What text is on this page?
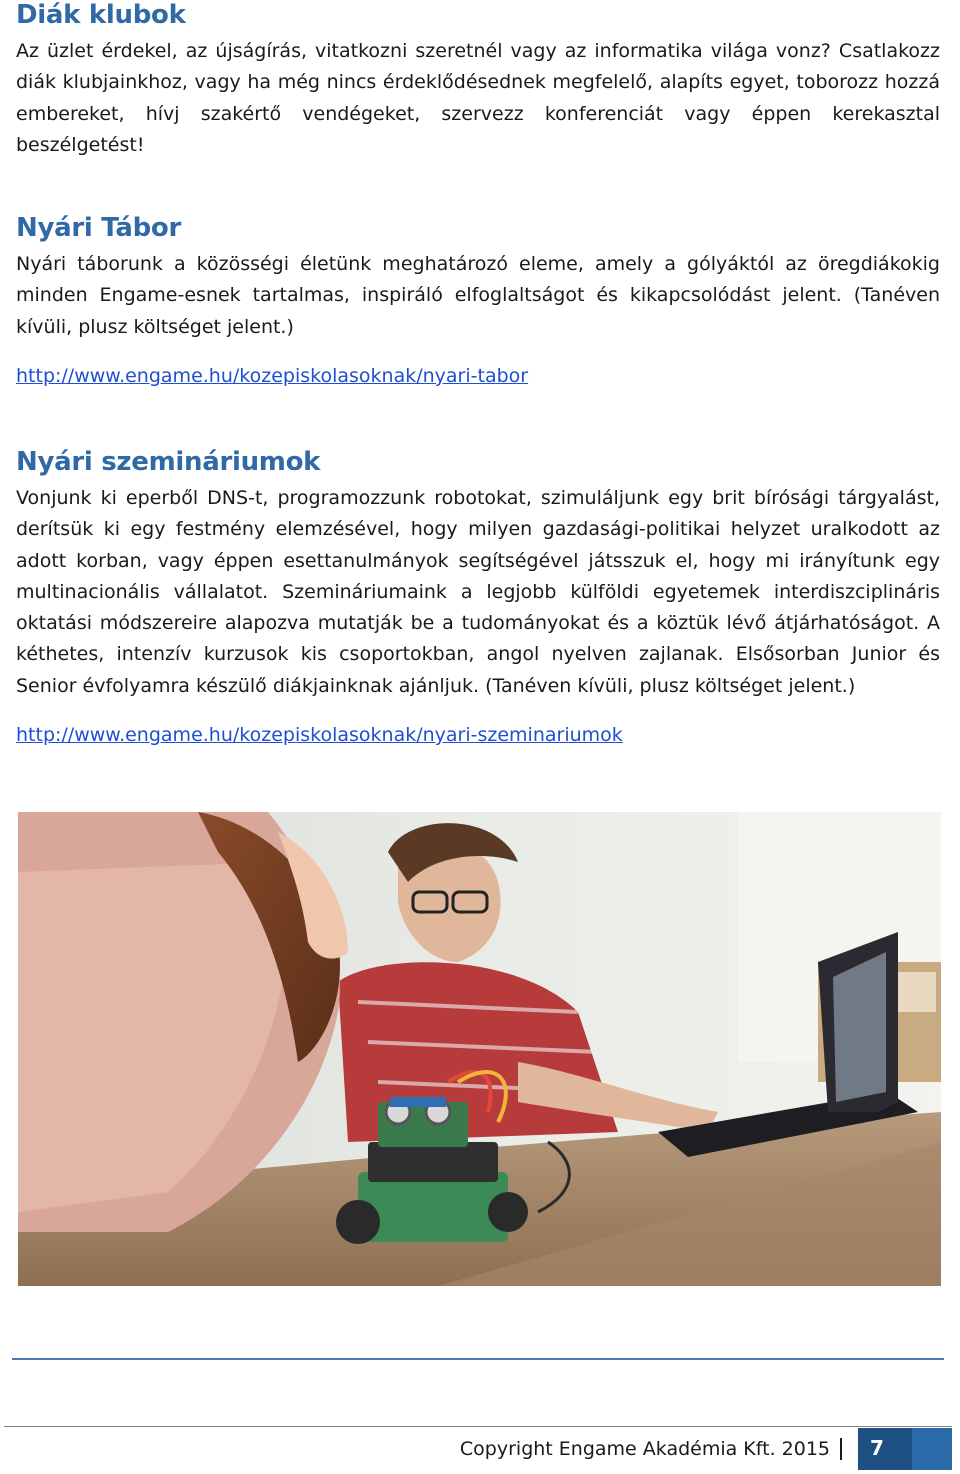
Diák klubok

Az üzlet érdekel, az újságírás, vitatkozni szeretnél vagy az informatika világa vonz? Csatlakozz diák klubjainkhoz, vagy ha még nincs érdeklődésednek megfelelő, alapíts egyet, toborozz hozzá embereket, hívj szakértő vendégeket, szervezz konferenciát vagy éppen kerekasztal beszélgetést!

Nyári Tábor

Nyári táborunk a közösségi életünk meghatározó eleme, amely a gólyáktól az öregdiákokig minden Engame-esnek tartalmas, inspiráló elfoglaltságot és kikapcsolódást jelent. (Tanéven kívüli, plusz költséget jelent.)

http://www.engame.hu/kozepiskolasoknak/nyari-tabor
Nyári szemináriumok

Vonjunk ki eperből DNS-t, programozzunk robotokat, szimuláljunk egy brit bírósági tárgyalást, derítsük ki egy festmény elemzésével, hogy milyen gazdasági-politikai helyzet uralkodott az adott korban, vagy éppen esettanulmányok segítségével játsszuk el, hogy mi irányítunk egy multinacionális vállalatot. Szemináriumaink a legjobb külföldi egyetemek interdiszciplináris oktatási módszereire alapozva mutatják be a tudományokat és a köztük lévő átjárhatóságot. A kéthetes, intenzív kurzusok kis csoportokban, angol nyelven zajlanak. Elsősorban Junior és Senior évfolyamra készülő diákjainknak ajánljuk. (Tanéven kívüli, plusz költséget jelent.)

http://www.engame.hu/kozepiskolasoknak/nyari-szeminariumok
Copyright Engame Akadémia Kft. 2015 7
